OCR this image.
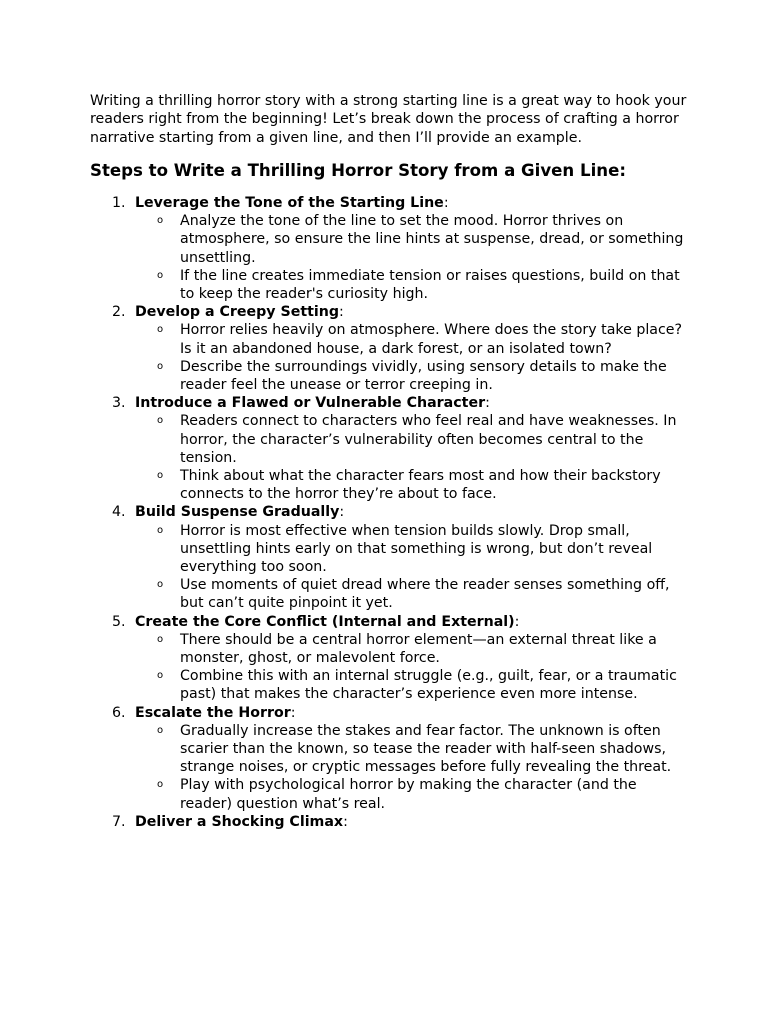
Writing a thrilling horror story with a strong starting line is a great way to hook your readers right from the beginning! Let’s break down the process of crafting a horror narrative starting from a given line, and then I’ll provide an example.

Steps to Write a Thrilling Horror Story from a Given Line:
1. Leverage the Tone of the Starting Line:
o Analyze the tone of the line to set the mood. Horror thrives on atmosphere, so ensure the line hints at suspense, dread, or something unsettling.
o If the line creates immediate tension or raises questions, build on that to keep the reader's curiosity high.
2. Develop a Creepy Setting:
o Horror relies heavily on atmosphere. Where does the story take place? Is it an abandoned house, a dark forest, or an isolated town?
o Describe the surroundings vividly, using sensory details to make the reader feel the unease or terror creeping in.
3. Introduce a Flawed or Vulnerable Character:
o Readers connect to characters who feel real and have weaknesses. In horror, the character’s vulnerability often becomes central to the tension.
o Think about what the character fears most and how their backstory connects to the horror they’re about to face.
4. Build Suspense Gradually:
o Horror is most effective when tension builds slowly. Drop small, unsettling hints early on that something is wrong, but don’t reveal everything too soon.
o Use moments of quiet dread where the reader senses something off, but can’t quite pinpoint it yet.
5. Create the Core Conflict (Internal and External):
o There should be a central horror element—an external threat like a monster, ghost, or malevolent force.
o Combine this with an internal struggle (e.g., guilt, fear, or a traumatic past) that makes the character’s experience even more intense.
6. Escalate the Horror:
o Gradually increase the stakes and fear factor. The unknown is often scarier than the known, so tease the reader with half-seen shadows, strange noises, or cryptic messages before fully revealing the threat.
o Play with psychological horror by making the character (and the reader) question what’s real.
7. Deliver a Shocking Climax:
